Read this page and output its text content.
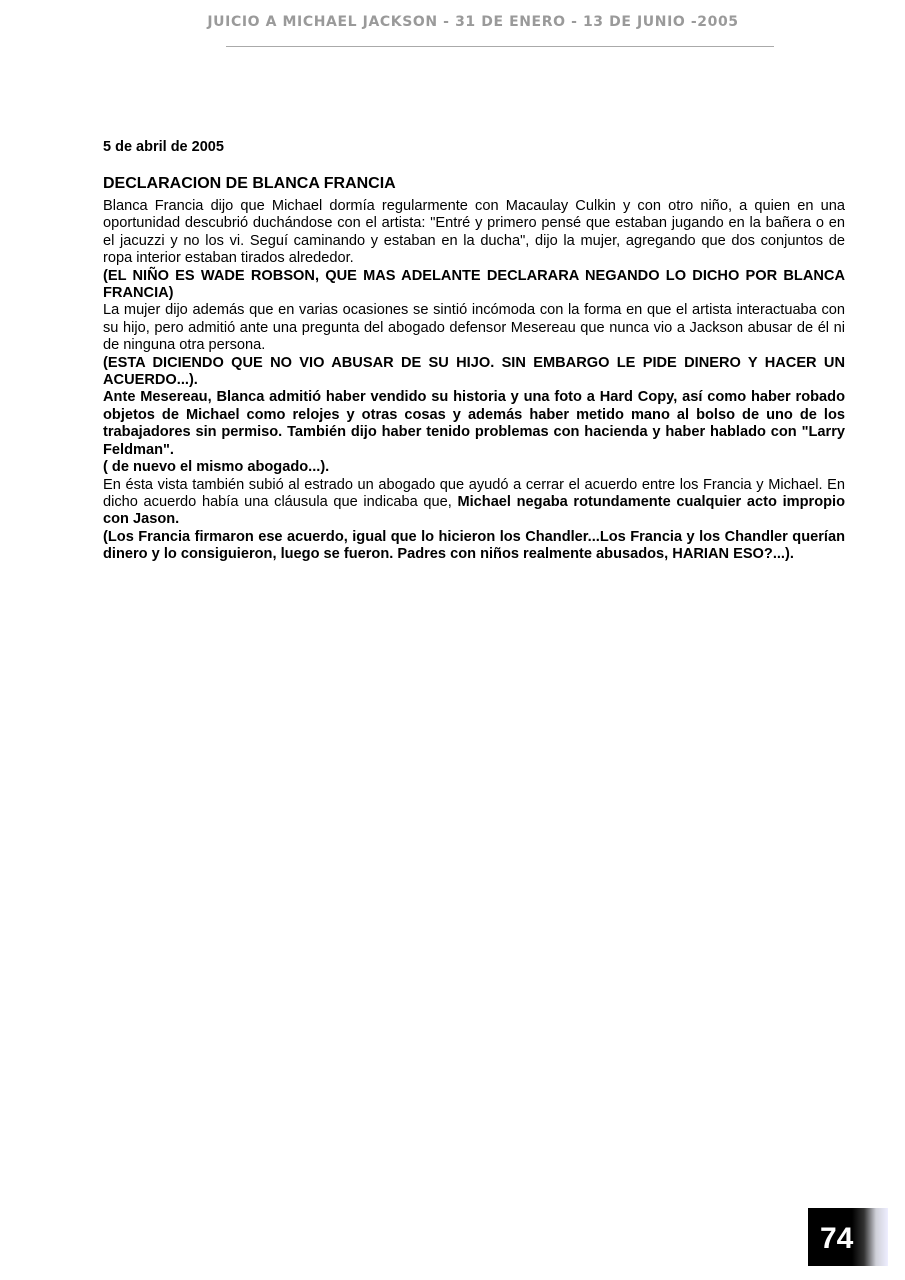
JUICIO A MICHAEL JACKSON - 31 DE ENERO - 13 DE JUNIO -2005
5 de abril de 2005
DECLARACION DE BLANCA FRANCIA

Blanca Francia dijo que Michael dormía regularmente con Macaulay Culkin y con otro niño, a quien en una oportunidad descubrió duchándose con el artista: "Entré y primero pensé que estaban jugando en la bañera o en el jacuzzi y no los vi. Seguí caminando y estaban en la ducha", dijo la mujer, agregando que dos conjuntos de ropa interior estaban tirados alrededor.

(EL NIÑO ES WADE ROBSON, QUE MAS ADELANTE DECLARARA NEGANDO LO DICHO POR BLANCA FRANCIA)

La mujer dijo además que en varias ocasiones se sintió incómoda con la forma en que el artista interactuaba con su hijo, pero admitió ante una pregunta del abogado defensor Mesereau que nunca vio a Jackson abusar de él ni de ninguna otra persona.

(ESTA DICIENDO QUE NO VIO ABUSAR DE SU HIJO. SIN EMBARGO LE PIDE DINERO Y HACER UN ACUERDO...).

Ante Mesereau, Blanca admitió haber vendido su historia y una foto a Hard Copy, así como haber robado objetos de Michael como relojes y otras cosas y además haber metido mano al bolso de uno de los trabajadores sin permiso. También dijo haber tenido problemas con hacienda y haber hablado con "Larry Feldman".

( de nuevo el mismo abogado...).

En ésta vista también subió al estrado un abogado que ayudó a cerrar el acuerdo entre los Francia y Michael. En dicho acuerdo había una cláusula que indicaba que, Michael negaba rotundamente cualquier acto impropio con Jason.

(Los Francia firmaron ese acuerdo, igual que lo hicieron los Chandler...Los Francia y los Chandler querían dinero y lo consiguieron, luego se fueron. Padres con niños realmente abusados, HARIAN ESO?...).

74
